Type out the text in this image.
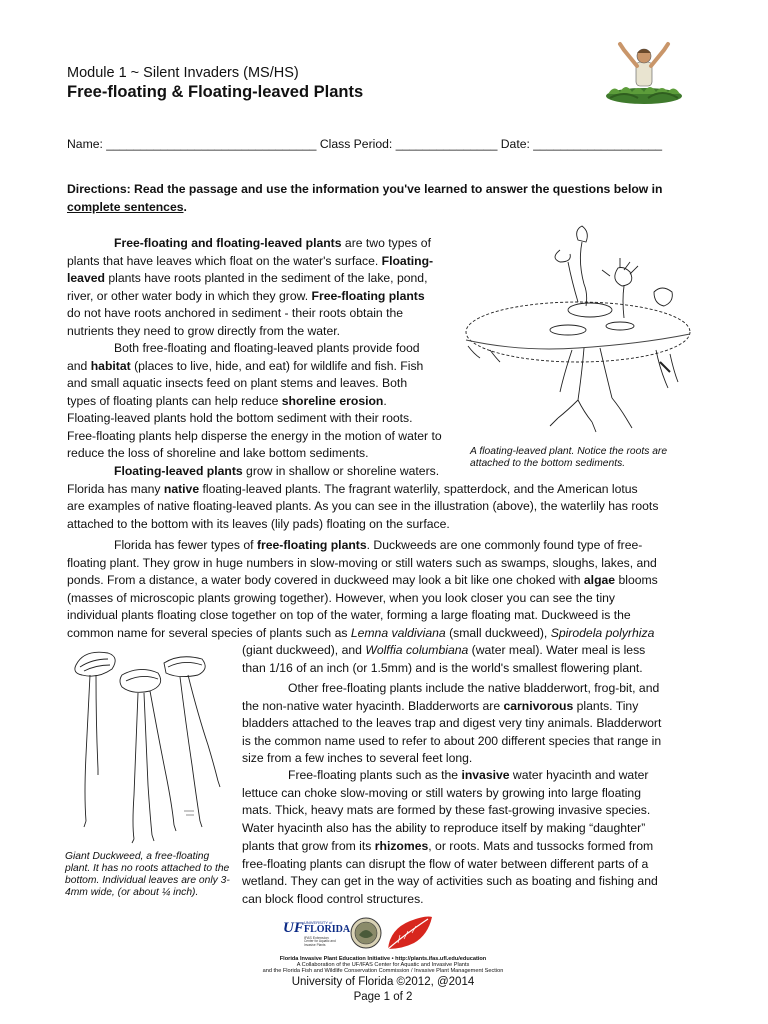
Module 1 ~ Silent Invaders (MS/HS)
Free-floating & Floating-leaved Plants
Name: _______________________________ Class Period: _______________ Date: ___________________
Directions: Read the passage and use the information you've learned to answer the questions below in complete sentences.
A floating-leaved plant. Notice the roots are attached to the bottom sediments.

Free-floating and floating-leaved plants are two types of

plants that have leaves which float on the water's surface. Floating-

leaved plants have roots planted in the sediment of the lake, pond,

river, or other water body in which they grow. Free-floating plants

do not have roots anchored in sediment - their roots obtain the

nutrients they need to grow directly from the water.

Both free-floating and floating-leaved plants provide food

and habitat (places to live, hide, and eat) for wildlife and fish. Fish

and small aquatic insects feed on plant stems and leaves. Both

types of floating plants can help reduce shoreline erosion.

Floating-leaved plants hold the bottom sediment with their roots.

Free-floating plants help disperse the energy in the motion of water to

reduce the loss of shoreline and lake bottom sediments.

Floating-leaved plants grow in shallow or shoreline waters.

Florida has many native floating-leaved plants. The fragrant waterlily, spatterdock, and the American lotus

are examples of native floating-leaved plants. As you can see in the illustration (above), the waterlily has roots

attached to the bottom with its leaves (lily pads) floating on the surface.

Florida has fewer types of free-floating plants. Duckweeds are one commonly found type of free-

floating plant. They grow in huge numbers in slow-moving or still waters such as swamps, sloughs, lakes, and

ponds. From a distance, a water body covered in duckweed may look a bit like one choked with algae blooms

(masses of microscopic plants growing together). However, when you look closer you can see the tiny

individual plants floating close together on top of the water, forming a large floating mat. Duckweed is the

common name for several species of plants such as Lemna valdiviana (small duckweed), Spirodela polyrhiza

Giant Duckweed, a free-floating plant. It has no roots attached to the bottom. Individual leaves are only 3-4mm wide, (or about ¼ inch).

(giant duckweed), and Wolffia columbiana (water meal). Water meal is less

than 1/16 of an inch (or 1.5mm) and is the world's smallest flowering plant.

Other free-floating plants include the native bladderwort, frog-bit, and

the non-native water hyacinth. Bladderworts are carnivorous plants. Tiny

bladders attached to the leaves trap and digest very tiny animals. Bladderwort

is the common name used to refer to about 200 different species that range in

size from a few inches to several feet long.

Free-floating plants such as the invasive water hyacinth and water

lettuce can choke slow-moving or still waters by growing into large floating

mats. Thick, heavy mats are formed by these fast-growing invasive species.

Water hyacinth also has the ability to reproduce itself by making “daughter”

plants that grow from its rhizomes, or roots. Mats and tussocks formed from

free-floating plants can disrupt the flow of water between different parts of a

wetland. They can get in the way of activities such as boating and fishing and

can block flood control structures.

UF UNIVERSITY of
FLORIDA
IFAS Extension
Center for Aquatic and Invasive Plants
Florida Invasive Plant Education Initiative • http://plants.ifas.ufl.edu/education
A Collaboration of the UF/IFAS Center for Aquatic and Invasive Plants
and the Florida Fish and Wildlife Conservation Commission / Invasive Plant Management Section
University of Florida ©2012, @2014
Page 1 of 2
